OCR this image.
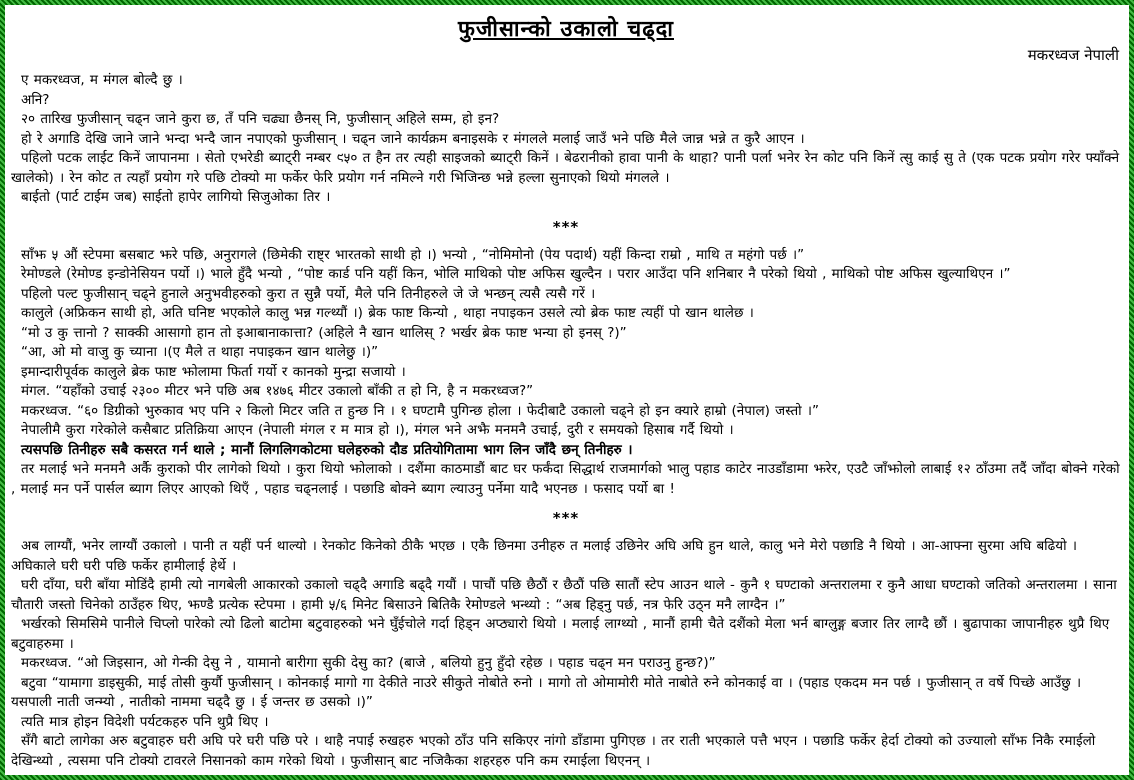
फुजीसान्को उकालो चढ्दा
मकरध्वज नेपाली

ए मकरध्वज, म मंगल बोल्दै छु ।

अनि?

२० तारिख फुजीसान् चढ्न जाने कुरा छ, तँ पनि चढ्या छैनस् नि, फुजीसान् अहिले सम्म, हो इन?

हो रे अगाडि देखि जाने जाने भन्दा भन्दै जान नपाएको फुजीसान् । चढ्न जाने कार्यक्रम बनाइसके र मंगलले मलाई जाउँ भने पछि मैले जान्न भन्ने त कुरै आएन ।

पहिलो पटक लाईट किनें जापानमा । सेतो एभरेडी ब्याट्री नम्बर ९५० त हैन तर त्यही साइजको ब्याट्री किनें । बेढरानीको हावा पानी के थाहा? पानी पर्ला भनेर रेन कोट पनि किनें त्सु काई सु ते (एक पटक प्रयोग गरेर फ्याँक्ने खालेको) । रेन कोट त त्यहाँ प्रयोग गरे पछि टोक्यो मा फर्केर फेरि प्रयोग गर्न नमिल्ने गरी भिजिन्छ भन्ने हल्ला सुनाएको थियो मंगलले ।

बाईतो (पार्ट टाईम जब) साईतो हापेर लागियो सिजुओका तिर ।

***

साँझ ५ औं स्टेपमा बसबाट झरे पछि, अनुरागले (छिमेकी राष्ट्र भारतको साथी हो ।) भन्यो , “नोमिमोनो (पेय पदार्थ) यहीं किन्दा राम्रो , माथि त महंगो पर्छ ।”

रेमोण्डले (रेमोण्ड इन्डोनेसियन पर्यो ।) भाले हुँदै भन्यो , “पोष्ट कार्ड पनि यहीं किन, भोलि माथिको पोष्ट अफिस खुल्दैन । परार आउँदा पनि शनिबार नै परेको थियो , माथिको पोष्ट अफिस खुल्याथिएन ।”

पहिलो पल्ट फुजीसान् चढ्ने हुनाले अनुभवीहरुको कुरा त सुन्नै पर्यो, मैले पनि तिनीहरुले जे जे भन्छन् त्यसै त्यसै गरें ।

कालुले (अफ्रिकन साथी हो, अति घनिष्ट भएकोले कालु भन्न गल्थ्यौं ।) ब्रेक फाष्ट किन्यो , थाहा नपाइकन उसले त्यो ब्रेक फाष्ट त्यहीं पो खान थालेछ ।

“मो उ कु त्तानो ? साक्की आसागो हान तो इआबानाकात्ता? (अहिले नै खान थालिस् ? भर्खर ब्रेक फाष्ट भन्या हो इनस् ?)”

“आ, ओ मो वाजु कु च्याना ।(ए मैले त थाहा नपाइकन खान थालेछु ।)”

इमान्दारीपूर्वक कालुले ब्रेक फाष्ट झोलामा फिर्ता गर्यो र कानको मुन्द्रा सजायो ।

मंगल. “यहाँको उचाई २३०० मीटर भने पछि अब १४७६ मीटर उकालो बाँकी त हो नि, है न मकरध्वज?”

मकरध्वज. “६० डिग्रीको भुरुकाव भए पनि २ किलो मिटर जति त हुन्छ नि । १ घण्टामै पुगिन्छ होला । फेदीबाटै उकालो चढ्ने हो इन क्यारे हाम्रो (नेपाल) जस्तो ।”

नेपालीमै कुरा गरेकोले कसैबाट प्रतिक्रिया आएन (नेपाली मंगल र म मात्र हो ।), मंगल भने अझै मनमनै उचाई, दुरी र समयको हिसाब गर्दै थियो ।

त्यसपछि तिनीहरु सबै कसरत गर्न थाले ; मानौं लिगलिगकोटमा घलेहरुको दौड प्रतियोगितामा भाग लिन जाँदै छन् तिनीहरु ।

तर मलाई भने मनमनै अर्कै कुराको पीर लागेको थियो । कुरा थियो झोलाको । दशैंमा काठमाडौं बाट घर फर्कंदा सिद्धार्थ राजमार्गको भालु पहाड काटेर नाउडाँडामा झरेर, एउटै जाँझोलो लाबाई १२ ठाँउमा तदैं जाँदा बोक्ने गरेको , मलाई मन पर्ने पार्सल ब्याग लिएर आएको थिएँ , पहाड चढ्नलाई । पछाडि बोक्ने ब्याग ल्याउनु पर्नेमा यादै भएनछ । फसाद पर्यो बा !

***

अब लाग्यौं, भनेर लाग्यौं उकालो । पानी त यहीं पर्न थाल्यो । रेनकोट किनेको ठीकै भएछ । एकै छिनमा उनीहरु त मलाई उछिनेर अघि अघि हुन थाले, कालु भने मेरो पछाडि नै थियो । आ-आफ्ना सुरमा अघि बढियो । अघिकाले घरी घरी पछि फर्केर हामीलाई हेर्थे ।

घरी दाँया, घरी बाँया मोडिंदै हामी त्यो नागबेली आकारको उकालो चढ्दै अगाडि बढ्दै गयौं । पाचौं पछि छैठौं र छैठौं पछि सातौं स्टेप आउन थाले - कुनै १ घण्टाको अन्तरालमा र कुनै आधा घण्टाको जतिको अन्तरालमा । साना चौतारी जस्तो चिनेको ठाउँहरु थिए, झण्डै प्रत्येक स्टेपमा । हामी ५/६ मिनेट बिसाउने बितिकै रेमोण्डले भन्थ्यो : “अब हिड्नु पर्छ, नत्र फेरि उठ्न मनै लाग्दैन ।”

भर्खरको सिमसिमे पानीले चिप्लो पारेको त्यो ढिलो बाटोमा बटुवाहरुको भने घुँईचोले गर्दा हिड्न अप्ठ्यारो थियो । मलाई लाग्थ्यो , मानौं हामी चैते दशैंको मेला भर्न बाग्लुङ्ग बजार तिर लाग्दै छौं । बुढापाका जापानीहरु थुप्रै थिए बटुवाहरुमा ।

मकरध्वज. “ओ जिइसान, ओ गेन्की देसु ने , यामानो बारीगा सुकी देसु का? (बाजे , बलियो हुनु हुँदो रहेछ । पहाड चढ्न मन पराउनु हुन्छ?)”

बटुवा “यामागा डाइसुकी, माई तोसी कुर्यौ फुजीसान् । कोनकाई मागो गा देकीते नाउरे सीकुते नोबोते रुनो । मागो तो ओमामोरी मोते नाबोते रुने कोनकाई वा । (पहाड एकदम मन पर्छ । फुजीसान् त वर्षे पिच्छे आउँछु । यसपाली नाती जन्म्यो , नातीको नाममा चढ्दै छु । ई जन्तर छ उसको ।)”

त्यति मात्र होइन विदेशी पर्यटकहरु पनि थुप्रै थिए ।

सँगै बाटो लागेका अरु बटुवाहरु घरी अघि परे घरी पछि परे । थाहै नपाई रुखहरु भएको ठाँउ पनि सकिएर नांगो डाँडामा पुगिएछ । तर राती भएकाले पत्तै भएन । पछाडि फर्केर हेर्दा टोक्यो को उज्यालो साँझ निकै रमाईलो देखिन्थ्यो , त्यसमा पनि टोक्यो टावरले निसानको काम गरेको थियो । फुजीसान् बाट नजिकैका शहरहरु पनि कम रमाईला थिएनन् ।
